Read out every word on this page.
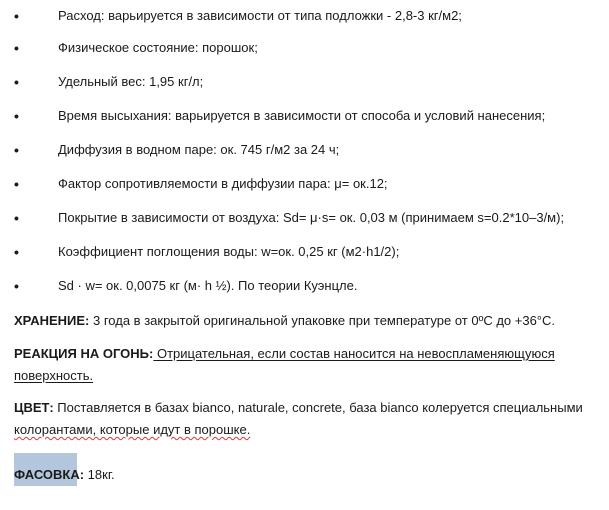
•	Расход: варьируется в зависимости от типа подложки - 2,8-3 кг/м2;
•	Физическое состояние: порошок;
•	Удельный вес: 1,95 кг/л;
•	Время высыхания: варьируется в зависимости от способа и условий нанесения;
•	Диффузия в водном паре: ок. 745 г/м2 за 24 ч;
•	Фактор сопротивляемости в диффузии пара: μ= ок.12;
•	Покрытие в зависимости от воздуха: Sd= μ·s= ок. 0,03 м (принимаем s=0.2*10–3/м);
•	Коэффициент поглощения воды: w=ок. 0,25 кг (м2·h1/2);
•	Sd · w= ок. 0,0075 кг (м· h ½). По теории Куэнцле.

ХРАНЕНИЕ: 3 года в закрытой оригинальной упаковке при температуре от 0ºС до +36°С.

РЕАКЦИЯ НА ОГОНЬ: Отрицательная, если состав наносится на невоспламеняющуюся
поверхность.

ЦВЕТ: Поставляется в базах bianco, naturale, concrete, база bianco колеруется специальными
колорантами, которые идут в порошке.

ФАСОВКА: 18кг.
